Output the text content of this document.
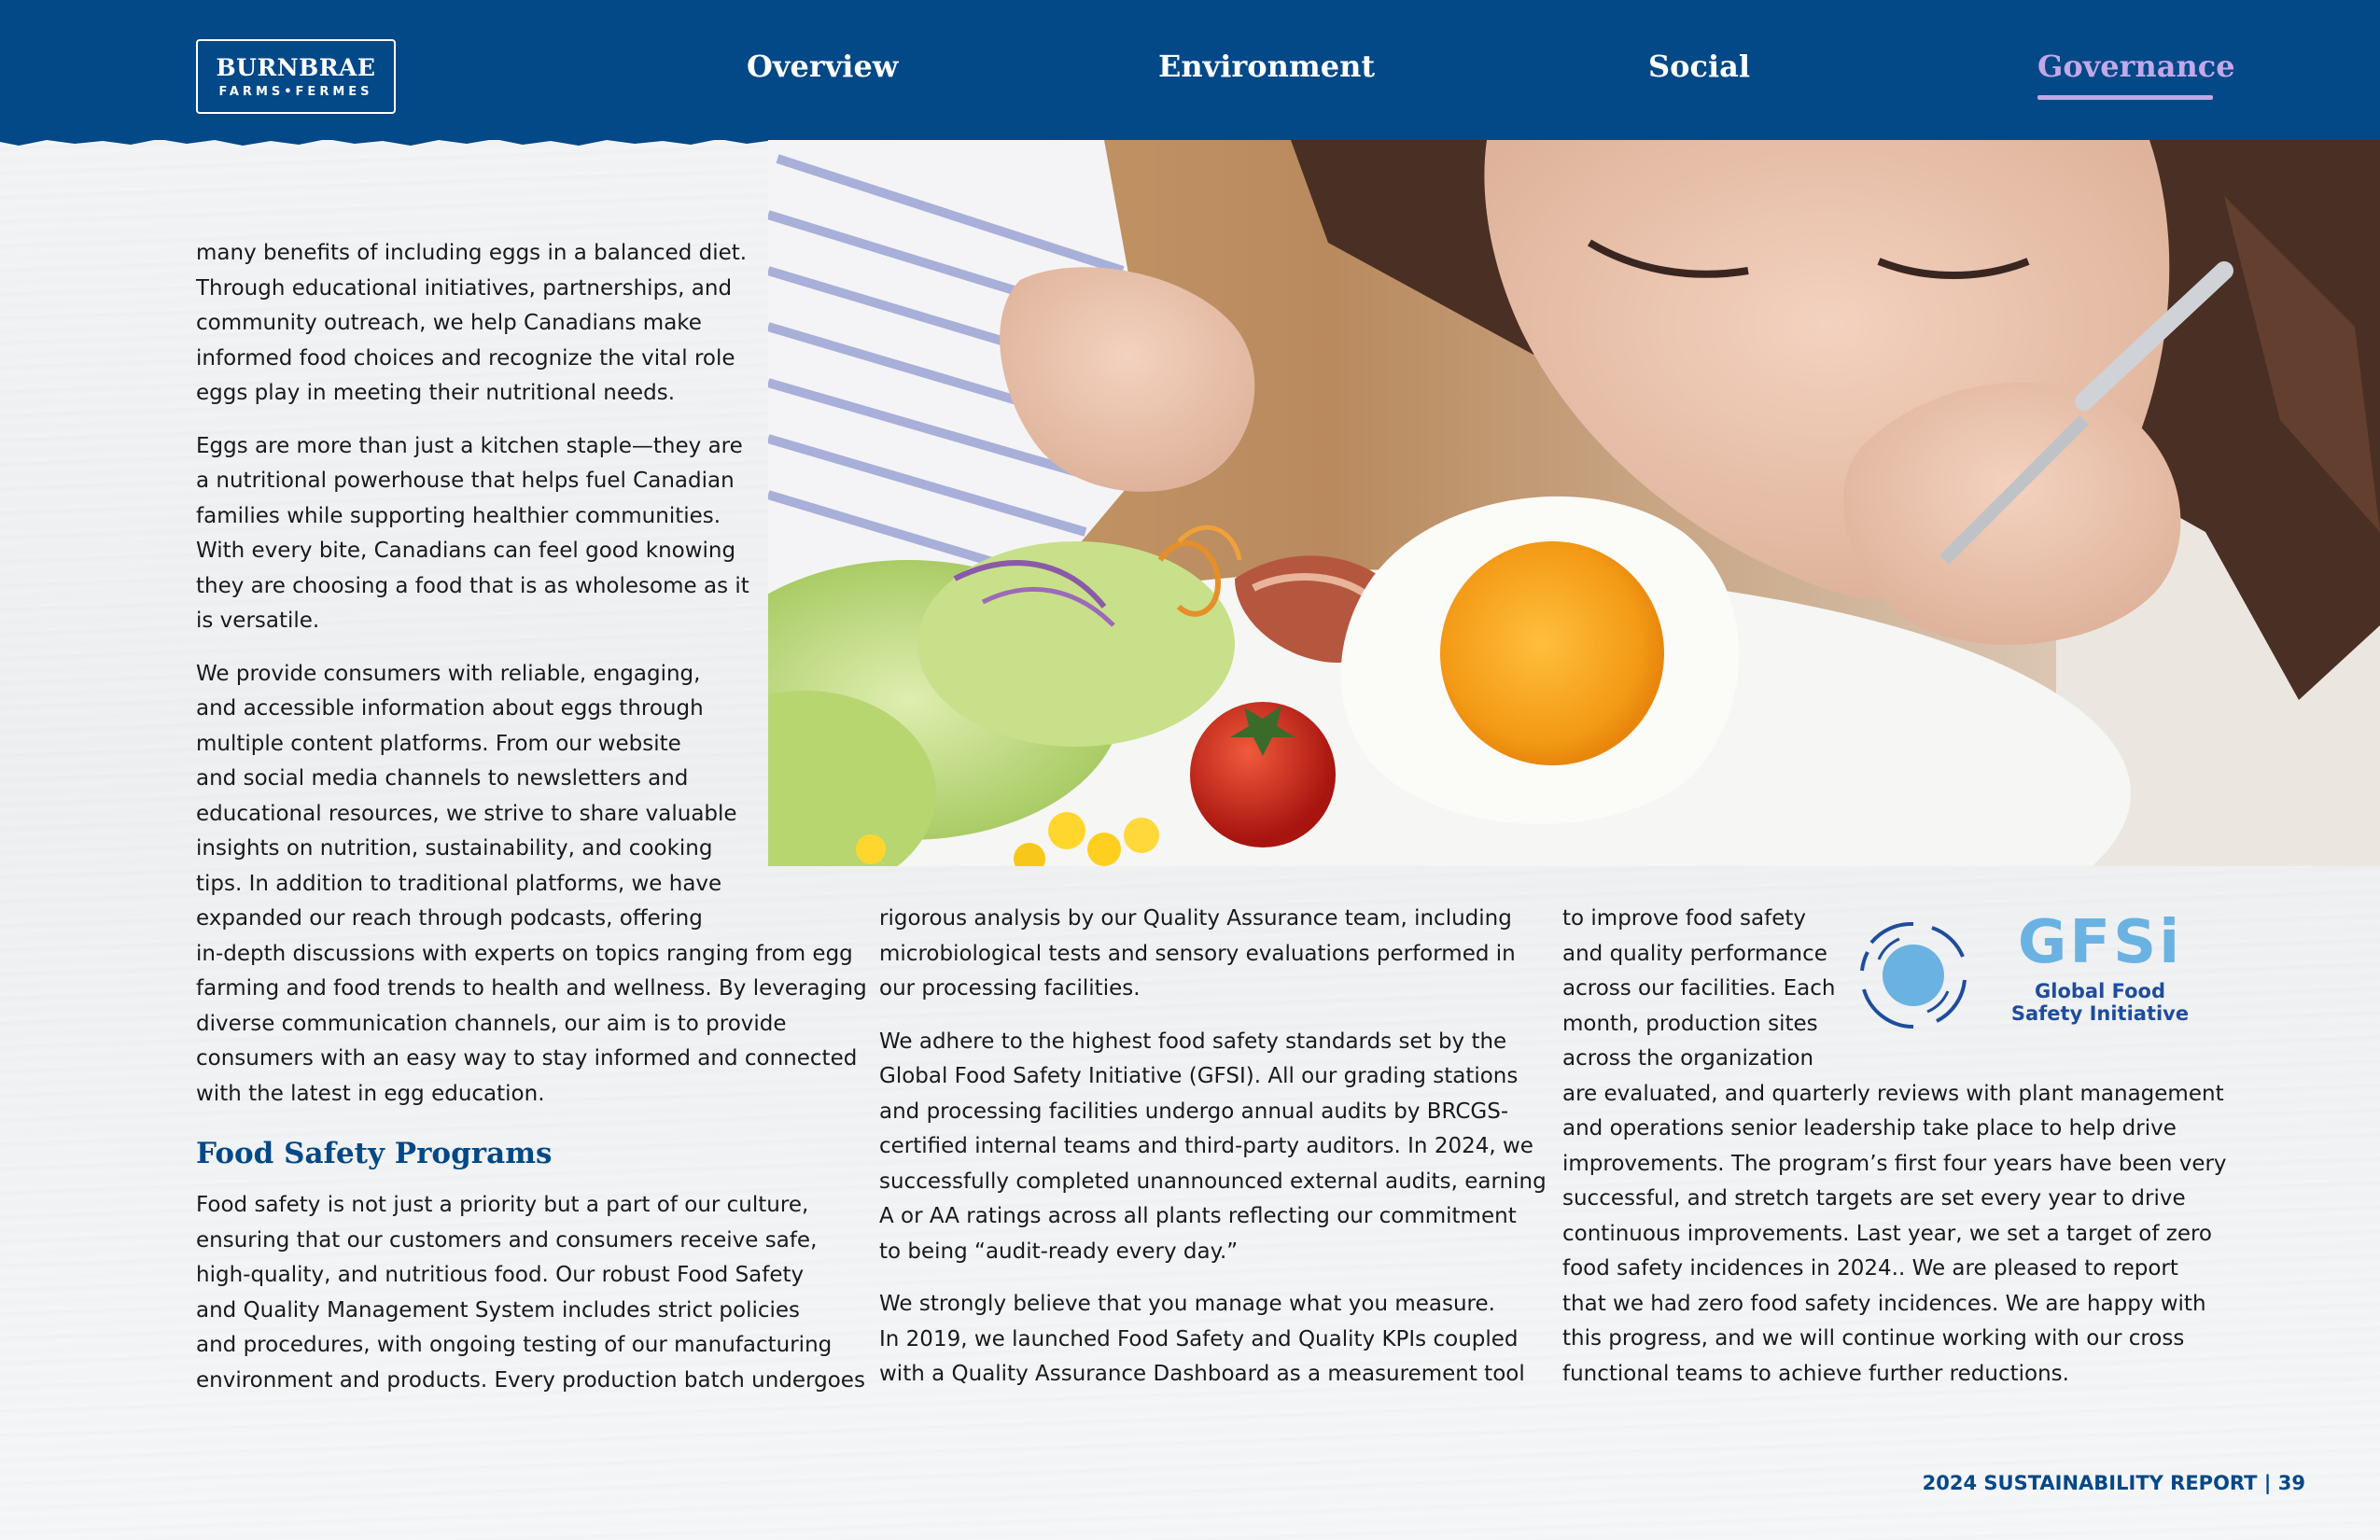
BURNBRAE
FARMS•FERMES
Overview	Environment	Social	Governance

many benefits of including eggs in a balanced diet.
Through educational initiatives, partnerships, and
community outreach, we help Canadians make
informed food choices and recognize the vital role
eggs play in meeting their nutritional needs.

Eggs are more than just a kitchen staple—they are
a nutritional powerhouse that helps fuel Canadian
families while supporting healthier communities.
With every bite, Canadians can feel good knowing
they are choosing a food that is as wholesome as it
is versatile.

We provide consumers with reliable, engaging,
and accessible information about eggs through
multiple content platforms. From our website
and social media channels to newsletters and
educational resources, we strive to share valuable
insights on nutrition, sustainability, and cooking
tips. In addition to traditional platforms, we have
expanded our reach through podcasts, offering
in-depth discussions with experts on topics ranging from egg
farming and food trends to health and wellness. By leveraging
diverse communication channels, our aim is to provide
consumers with an easy way to stay informed and connected
with the latest in egg education.

Food Safety Programs

Food safety is not just a priority but a part of our culture,
ensuring that our customers and consumers receive safe,
high-quality, and nutritious food. Our robust Food Safety
and Quality Management System includes strict policies
and procedures, with ongoing testing of our manufacturing
environment and products. Every production batch undergoes

rigorous analysis by our Quality Assurance team, including
microbiological tests and sensory evaluations performed in
our processing facilities.

We adhere to the highest food safety standards set by the
Global Food Safety Initiative (GFSI). All our grading stations
and processing facilities undergo annual audits by BRCGS-
certified internal teams and third-party auditors. In 2024, we
successfully completed unannounced external audits, earning
A or AA ratings across all plants reflecting our commitment
to being “audit-ready every day.”

We strongly believe that you manage what you measure.
In 2019, we launched Food Safety and Quality KPIs coupled
with a Quality Assurance Dashboard as a measurement tool

to improve food safety
and quality performance
across our facilities. Each
month, production sites
across the organization
are evaluated, and quarterly reviews with plant management
and operations senior leadership take place to help drive
improvements. The program’s first four years have been very
successful, and stretch targets are set every year to drive
continuous improvements. Last year, we set a target of zero
food safety incidences in 2024.. We are pleased to report
that we had zero food safety incidences. We are happy with
this progress, and we will continue working with our cross
functional teams to achieve further reductions.

GFSi
Global Food
Safety Initiative
2024 SUSTAINABILITY REPORT | 39
